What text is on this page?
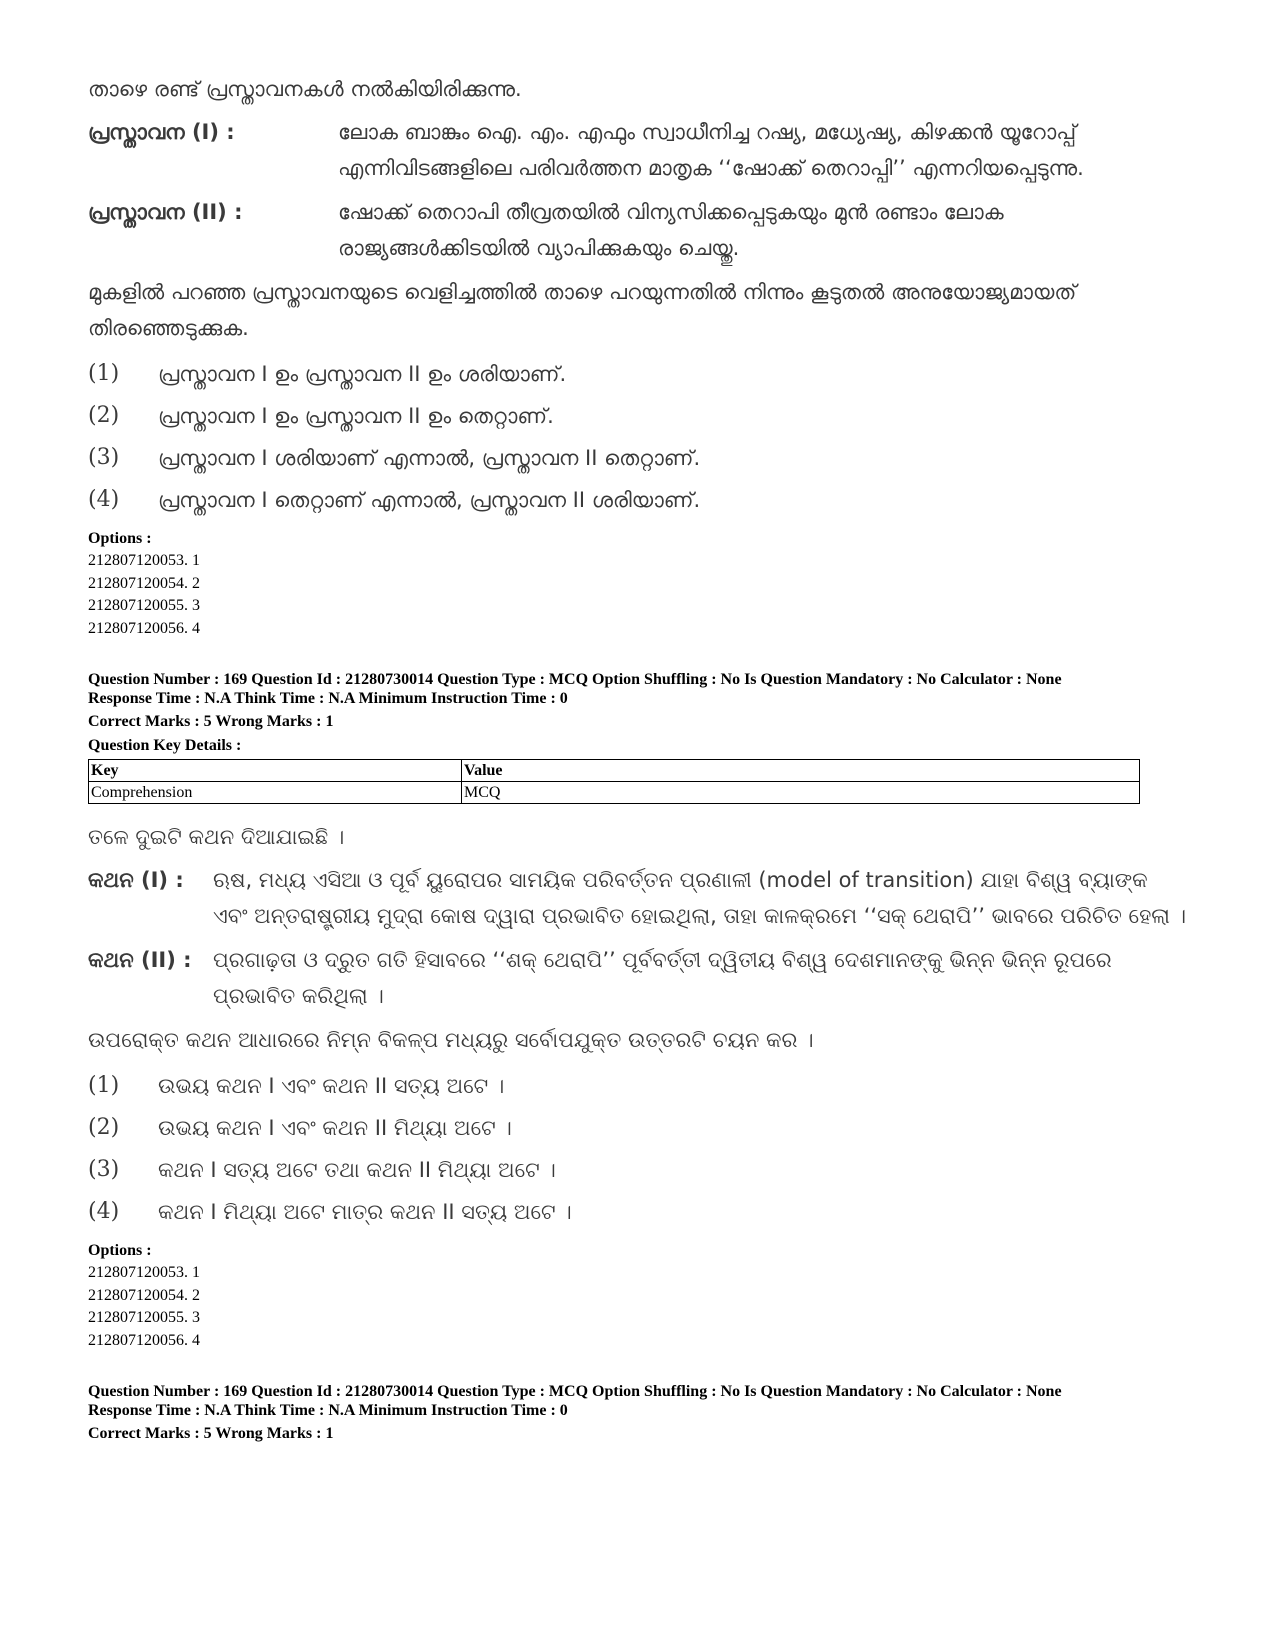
താഴെ രണ്ട് പ്രസ്താവനകൾ നൽകിയിരിക്കുന്നു.
പ്രസ്താവന (I) :	ലോക ബാങ്കും ഐ. എം. എഫും സ്വാധീനിച്ച റഷ്യ, മധ്യേഷ്യ, കിഴക്കൻ യൂറോപ്പ് എന്നിവിടങ്ങളിലെ പരിവർത്തന മാതൃക ‘‘ഷോക്ക് തെറാപ്പി’’ എന്നറിയപ്പെടുന്നു.
പ്രസ്താവന (II) :	ഷോക്ക് തെറാപി തീവ്രതയിൽ വിന്യസിക്കപ്പെടുകയും മുൻ രണ്ടാം ലോക രാജ്യങ്ങൾക്കിടയിൽ വ്യാപിക്കുകയും ചെയ്തു.
മുകളിൽ പറഞ്ഞ പ്രസ്താവനയുടെ വെളിച്ചത്തിൽ താഴെ പറയുന്നതിൽ നിന്നും കൂടുതൽ അനുയോജ്യമായത് തിരഞ്ഞെടുക്കുക.
(1)	പ്രസ്താവന I ഉം പ്രസ്താവന II ഉം ശരിയാണ്.
(2)	പ്രസ്താവന I ഉം പ്രസ്താവന II ഉം തെറ്റാണ്.
(3)	പ്രസ്താവന I ശരിയാണ് എന്നാൽ, പ്രസ്താവന II തെറ്റാണ്.
(4)	പ്രസ്താവന I തെറ്റാണ് എന്നാൽ, പ്രസ്താവന II ശരിയാണ്.
Options :
212807120053. 1
212807120054. 2
212807120055. 3
212807120056. 4
Question Number : 169 Question Id : 21280730014 Question Type : MCQ Option Shuffling : No Is Question Mandatory : No Calculator : None
Response Time : N.A Think Time : N.A Minimum Instruction Time : 0
Correct Marks : 5 Wrong Marks : 1
Question Key Details :
Key	Value
Comprehension	MCQ
ତଳେ ଦୁଇଟି କଥନ ଦିଆଯାଇଛି ।
କଥନ (I) :	ଋଷ, ମଧ୍ୟ ଏସିଆ ଓ ପୂର୍ବ ୟୁରୋପର ସାମୟିକ ପରିବର୍ତ୍ତନ ପ୍ରଣାଳୀ (model of transition) ଯାହା ବିଶ୍ୱ ବ୍ୟାଙ୍କ ଏବଂ ଅନ୍ତରାଷ୍ଟ୍ରୀୟ ମୁଦ୍ରା କୋଷ ଦ୍ୱାରା ପ୍ରଭାବିତ ହୋଇଥିଲା, ତାହା କାଳକ୍ରମେ ‘‘ସକ୍ ଥେରାପି’’ ଭାବରେ ପରିଚିତ ହେଲା ।
କଥନ (II) :	ପ୍ରଗାଢ଼ତା ଓ ଦ୍ରୁତ ଗତି ହିସାବରେ ‘‘ଶକ୍ ଥେରାପି’’ ପୂର୍ବବର୍ତ୍ତୀ ଦ୍ୱିତୀୟ ବିଶ୍ୱ ଦେଶମାନଙ୍କୁ ଭିନ୍ନ ଭିନ୍ନ ରୂପରେ ପ୍ରଭାବିତ କରିଥିଲା ।
ଉପରୋକ୍ତ କଥନ ଆଧାରରେ ନିମ୍ନ ବିକଳ୍ପ ମଧ୍ୟରୁ ସର୍ବୋପଯୁକ୍ତ ଉତ୍ତରଟି ଚୟନ କର ।
(1)	ଉଭୟ କଥନ I ଏବଂ କଥନ II ସତ୍ୟ ଅଟେ ।
(2)	ଉଭୟ କଥନ I ଏବଂ କଥନ II ମିଥ୍ୟା ଅଟେ ।
(3)	କଥନ I ସତ୍ୟ ଅଟେ ତଥା କଥନ II ମିଥ୍ୟା ଅଟେ ।
(4)	କଥନ I ମିଥ୍ୟା ଅଟେ ମାତ୍ର କଥନ II ସତ୍ୟ ଅଟେ ।
Options :
212807120053. 1
212807120054. 2
212807120055. 3
212807120056. 4
Question Number : 169 Question Id : 21280730014 Question Type : MCQ Option Shuffling : No Is Question Mandatory : No Calculator : None
Response Time : N.A Think Time : N.A Minimum Instruction Time : 0
Correct Marks : 5 Wrong Marks : 1
